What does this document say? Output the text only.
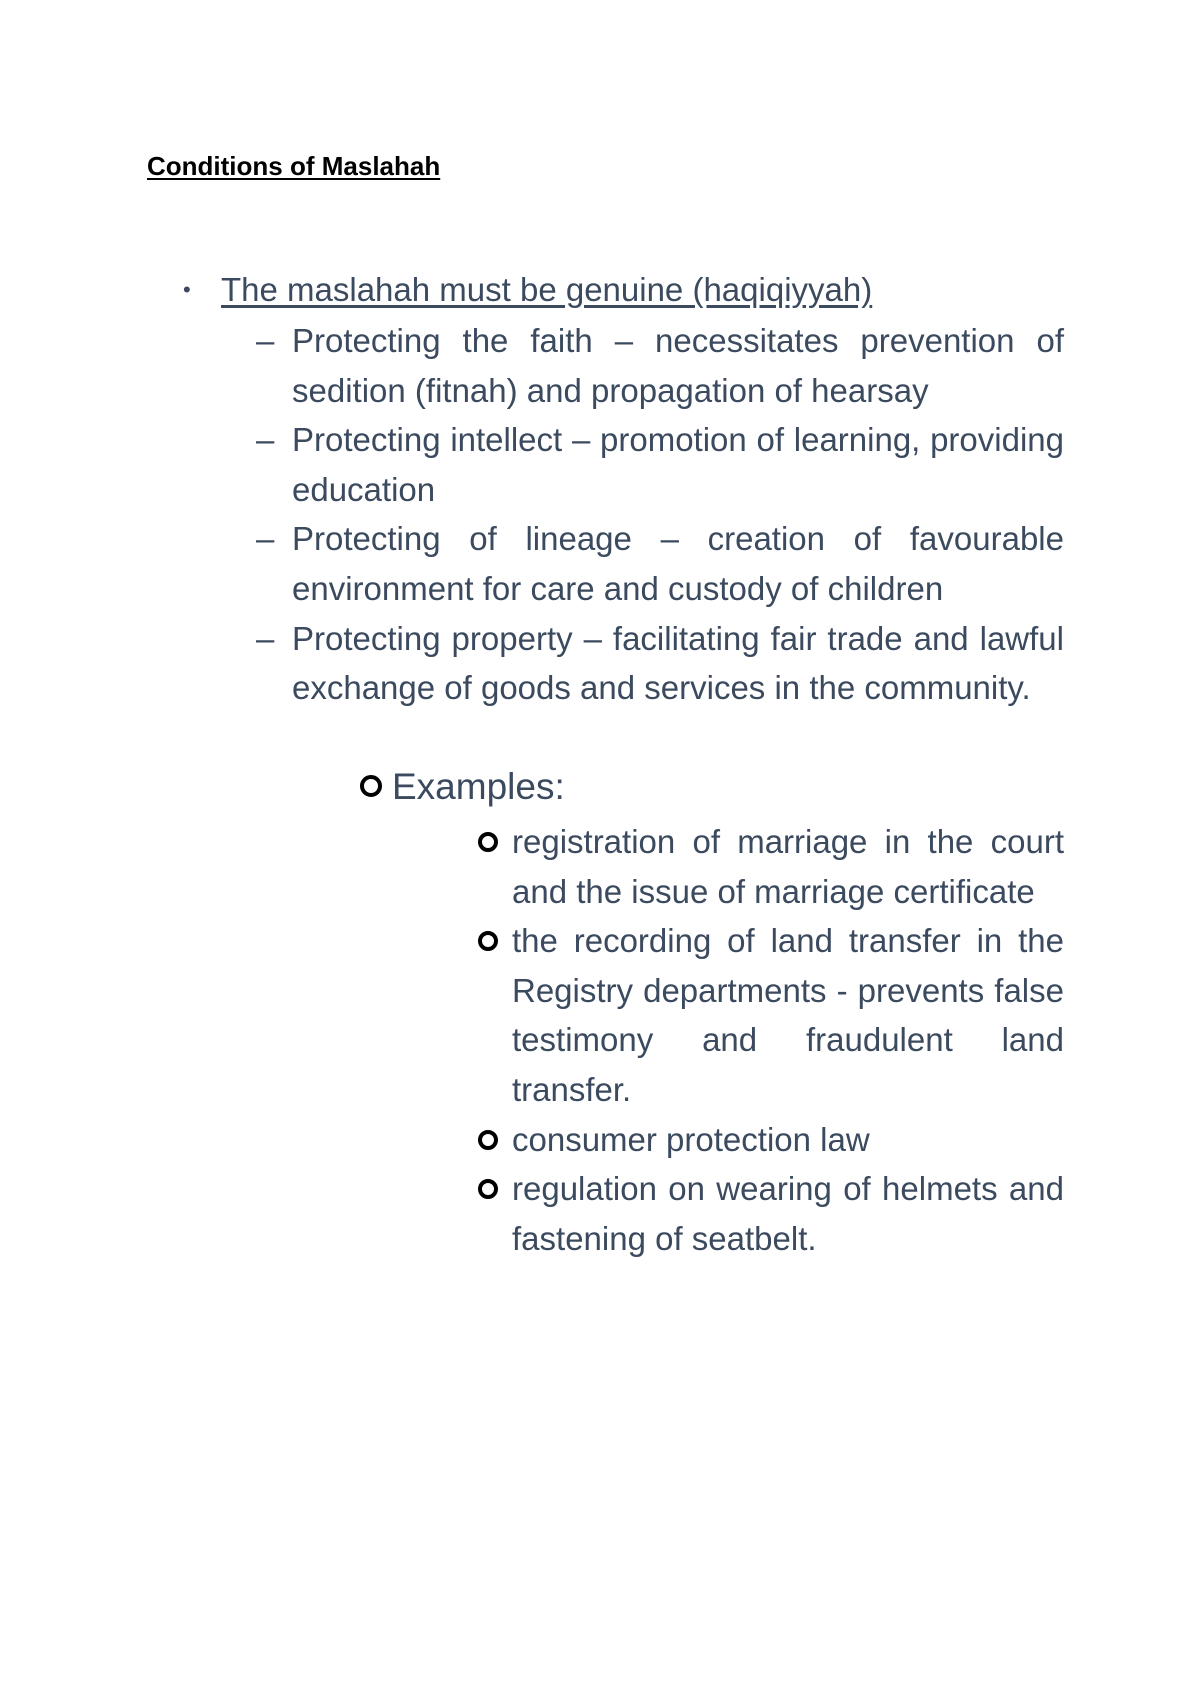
Conditions of Maslahah
• The maslahah must be genuine (haqiqiyyah)
– Protecting the faith – necessitates prevention of sedition (fitnah) and propagation of hearsay
– Protecting intellect – promotion of learning, providing education
– Protecting of lineage – creation of favourable environment for care and custody of children
– Protecting property – facilitating fair trade and lawful exchange of goods and services in the community.
Examples:
registration of marriage in the court and the issue of marriage certificate
the recording of land transfer in the Registry departments - prevents false testimony and fraudulent land transfer.
consumer protection law
regulation on wearing of helmets and fastening of seatbelt.
